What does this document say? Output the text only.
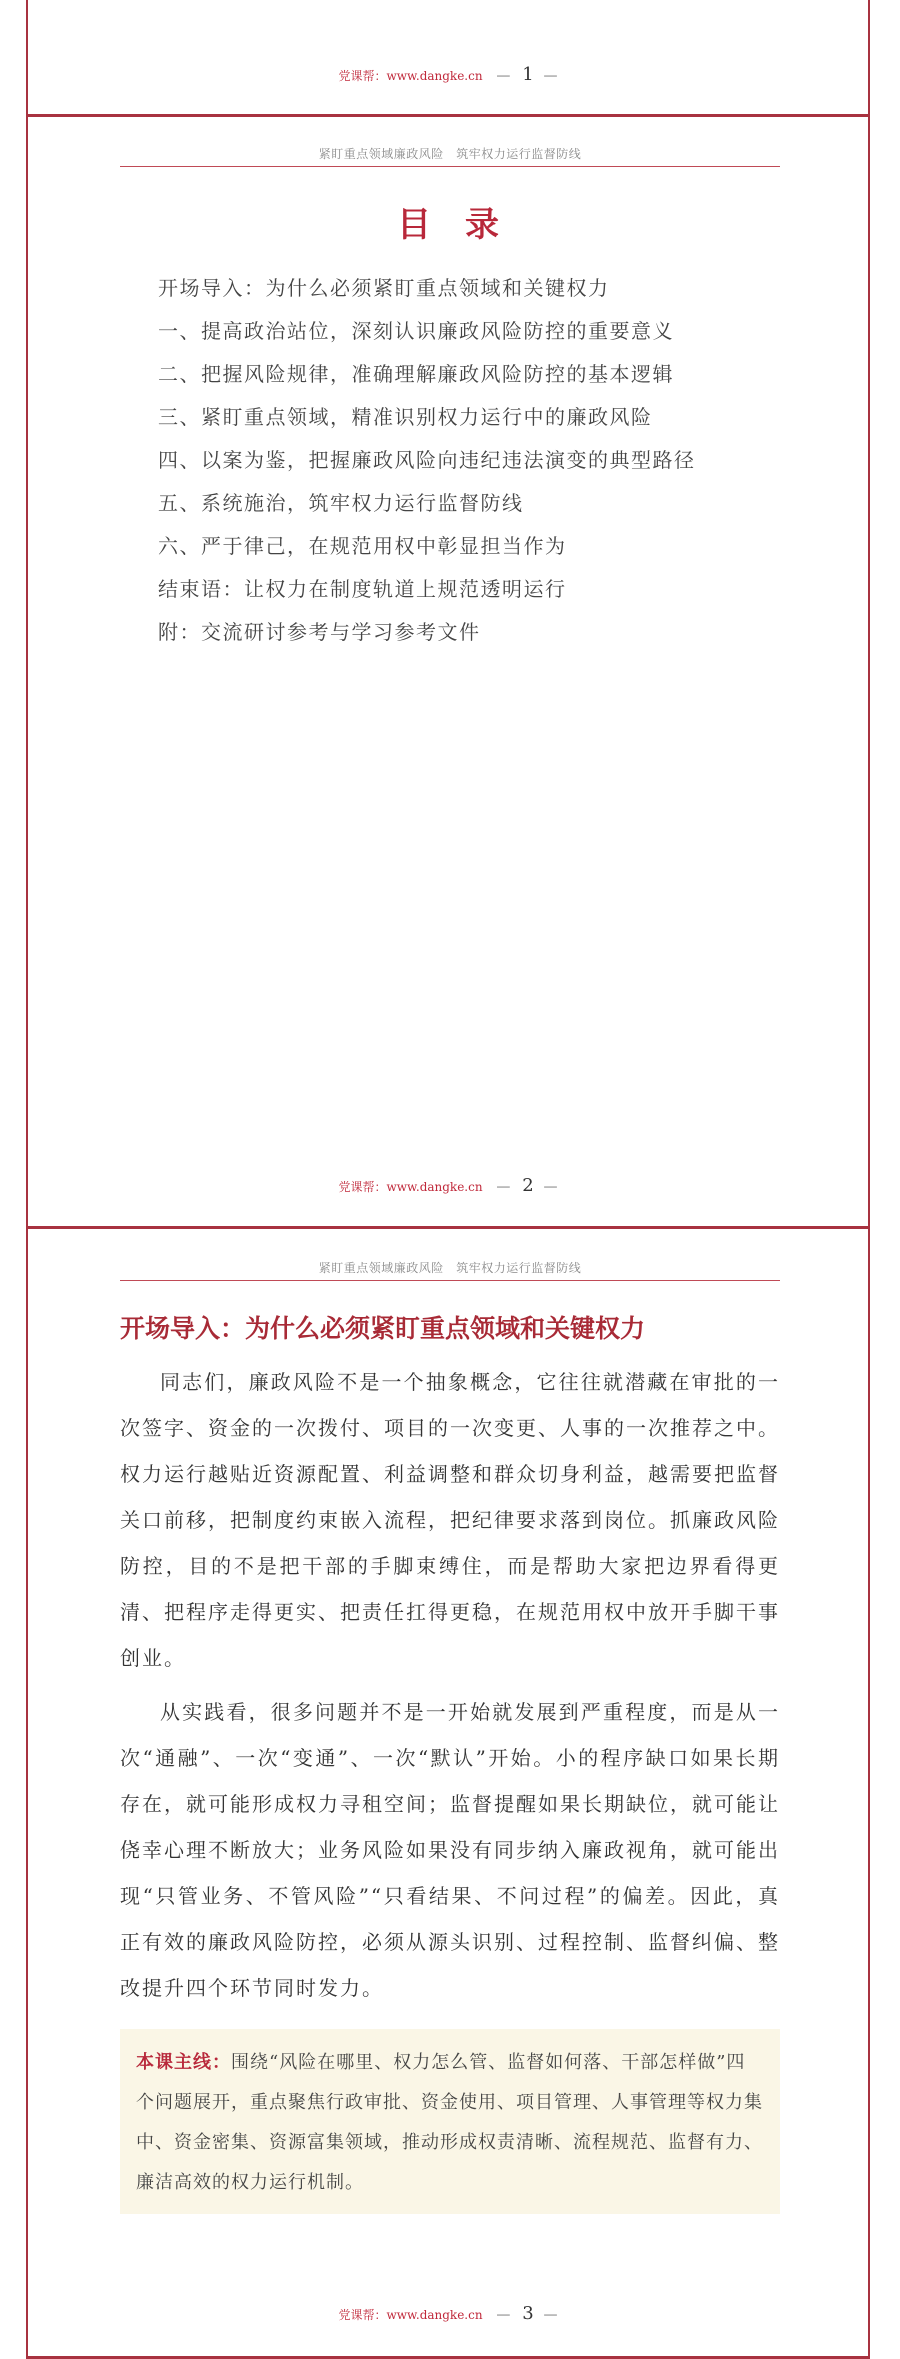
党课帮：www.dangke.cn — 1 —
紧盯重点领域廉政风险　筑牢权力运行监督防线
目录
开场导入：为什么必须紧盯重点领域和关键权力
一、提高政治站位，深刻认识廉政风险防控的重要意义
二、把握风险规律，准确理解廉政风险防控的基本逻辑
三、紧盯重点领域，精准识别权力运行中的廉政风险
四、以案为鉴，把握廉政风险向违纪违法演变的典型路径
五、系统施治，筑牢权力运行监督防线
六、严于律己，在规范用权中彰显担当作为
结束语：让权力在制度轨道上规范透明运行
附：交流研讨参考与学习参考文件
党课帮：www.dangke.cn — 2 —
紧盯重点领域廉政风险　筑牢权力运行监督防线
开场导入：为什么必须紧盯重点领域和关键权力
同志们，廉政风险不是一个抽象概念，它往往就潜藏在审批的一次签字、资金的一次拨付、项目的一次变更、人事的一次推荐之中。权力运行越贴近资源配置、利益调整和群众切身利益，越需要把监督关口前移，把制度约束嵌入流程，把纪律要求落到岗位。抓廉政风险防控，目的不是把干部的手脚束缚住，而是帮助大家把边界看得更清、把程序走得更实、把责任扛得更稳，在规范用权中放开手脚干事创业。
从实践看，很多问题并不是一开始就发展到严重程度，而是从一次“通融”、一次“变通”、一次“默认”开始。小的程序缺口如果长期存在，就可能形成权力寻租空间；监督提醒如果长期缺位，就可能让侥幸心理不断放大；业务风险如果没有同步纳入廉政视角，就可能出现“只管业务、不管风险”“只看结果、不问过程”的偏差。因此，真正有效的廉政风险防控，必须从源头识别、过程控制、监督纠偏、整改提升四个环节同时发力。
本课主线：围绕“风险在哪里、权力怎么管、监督如何落、干部怎样做”四个问题展开，重点聚焦行政审批、资金使用、项目管理、人事管理等权力集中、资金密集、资源富集领域，推动形成权责清晰、流程规范、监督有力、廉洁高效的权力运行机制。
党课帮：www.dangke.cn — 3 —
